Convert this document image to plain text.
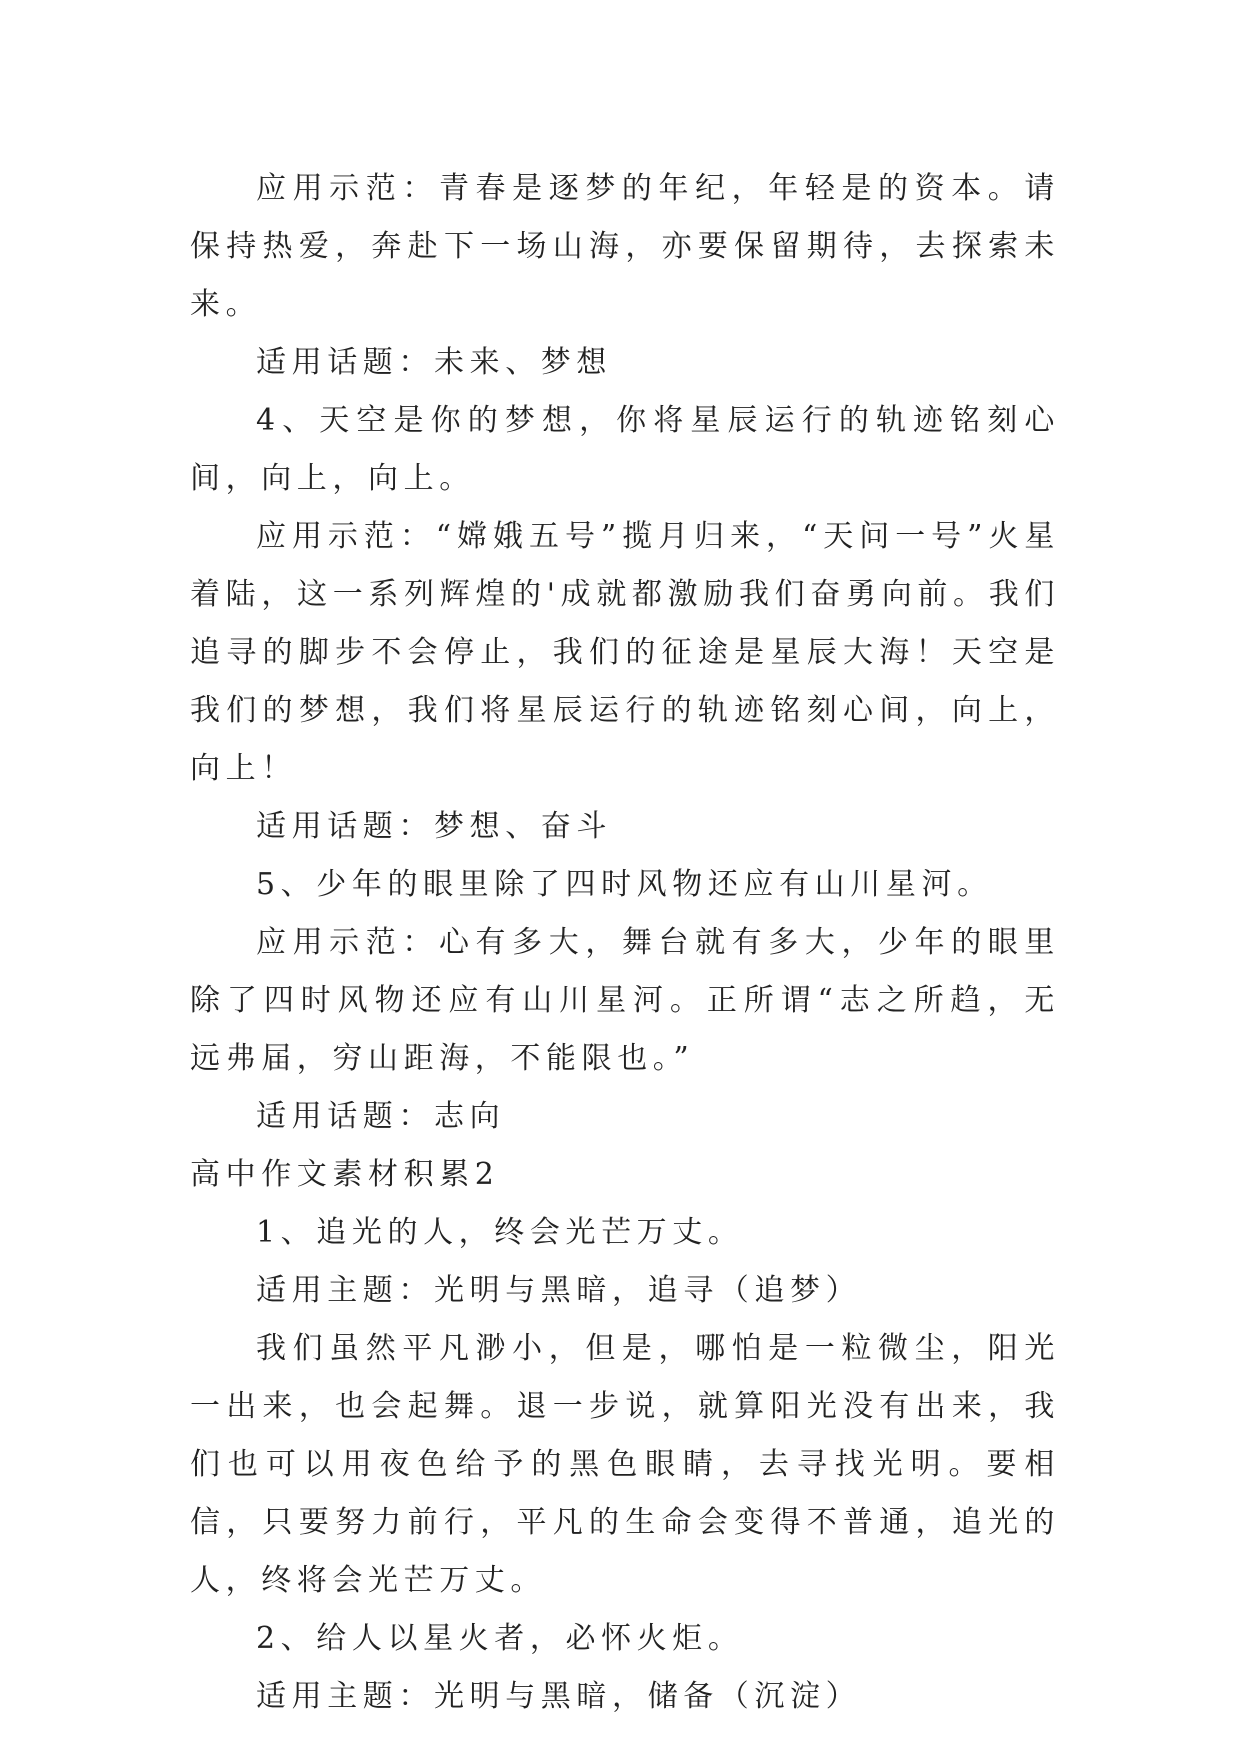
应用示范：青春是逐梦的年纪，年轻是的资本。请保持热爱，奔赴下一场山海，亦要保留期待，去探索未来。

适用话题：未来、梦想

4、天空是你的梦想，你将星辰运行的轨迹铭刻心间，向上，向上。

应用示范：“嫦娥五号”揽月归来，“天问一号”火星着陆，这一系列辉煌的'成就都激励我们奋勇向前。我们追寻的脚步不会停止，我们的征途是星辰大海！天空是我们的梦想，我们将星辰运行的轨迹铭刻心间，向上，向上！

适用话题：梦想、奋斗

5、少年的眼里除了四时风物还应有山川星河。

应用示范：心有多大，舞台就有多大，少年的眼里除了四时风物还应有山川星河。正所谓“志之所趋，无远弗届，穷山距海，不能限也。”

适用话题：志向

高中作文素材积累2

1、追光的人，终会光芒万丈。

适用主题：光明与黑暗，追寻（追梦）

我们虽然平凡渺小，但是，哪怕是一粒微尘，阳光一出来，也会起舞。退一步说，就算阳光没有出来，我们也可以用夜色给予的黑色眼睛，去寻找光明。要相信，只要努力前行，平凡的生命会变得不普通，追光的人，终将会光芒万丈。

2、给人以星火者，必怀火炬。

适用主题：光明与黑暗，储备（沉淀）
